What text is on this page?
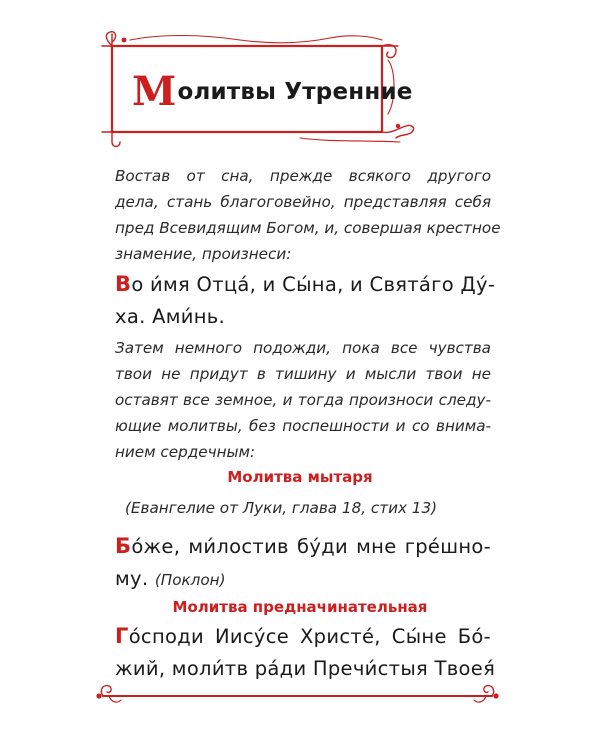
Молитвы Утренние
Востав от сна, прежде всякого другого
дела, стань благоговейно, представляя себя
пред Всевидящим Богом, и, совершая крестное
знамение, произнеси:
Во и́мя Отца́, и Сы́на, и Свята́го Ду́-
ха. Ами́нь.
Затем немного подожди, пока все чувства
твои не придут в тишину и мысли твои не
оставят все земное, и тогда произноси следу-
ющие молитвы, без поспешности и со внима-
нием сердечным:
Молитва мытаря
(Евангелие от Луки, глава 18, стих 13)
Бо́же, ми́лостив бу́ди мне гре́шно-
му. (Поклон)
Молитва предначинательная
Го́споди Иису́се Христе́, Сы́не Бо́-
жий, моли́тв ра́ди Пречи́стыя Твоея́
